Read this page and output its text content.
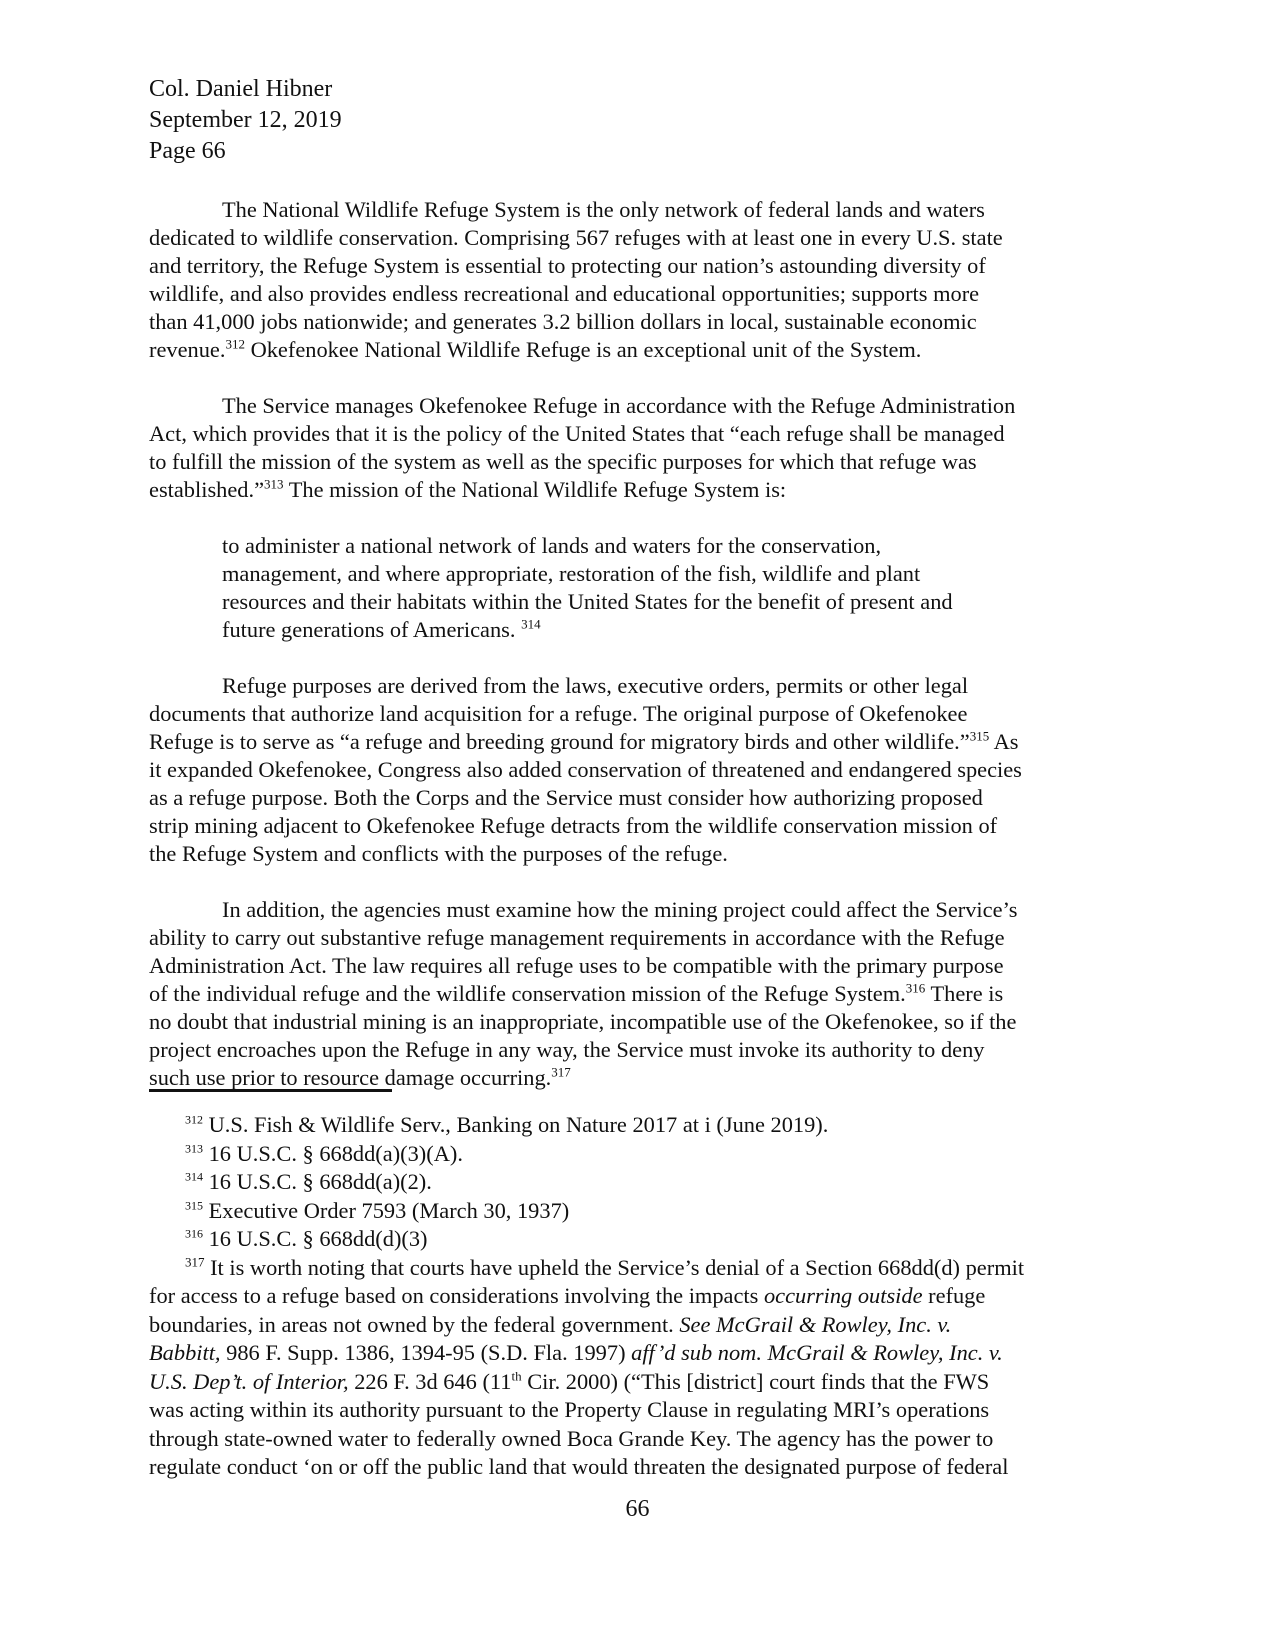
Col. Daniel Hibner
September 12, 2019
Page 66

The National Wildlife Refuge System is the only network of federal lands and waters
dedicated to wildlife conservation. Comprising 567 refuges with at least one in every U.S. state
and territory, the Refuge System is essential to protecting our nation’s astounding diversity of
wildlife, and also provides endless recreational and educational opportunities; supports more
than 41,000 jobs nationwide; and generates 3.2 billion dollars in local, sustainable economic
revenue.$^{312}$ Okefenokee National Wildlife Refuge is an exceptional unit of the System.

The Service manages Okefenokee Refuge in accordance with the Refuge Administration
Act, which provides that it is the policy of the United States that “each refuge shall be managed
to fulfill the mission of the system as well as the specific purposes for which that refuge was
established.”$^{313}$ The mission of the National Wildlife Refuge System is:

to administer a national network of lands and waters for the conservation,
management, and where appropriate, restoration of the fish, wildlife and plant
resources and their habitats within the United States for the benefit of present and
future generations of Americans. $^{314}$

Refuge purposes are derived from the laws, executive orders, permits or other legal
documents that authorize land acquisition for a refuge. The original purpose of Okefenokee
Refuge is to serve as “a refuge and breeding ground for migratory birds and other wildlife.”$^{315}$ As
it expanded Okefenokee, Congress also added conservation of threatened and endangered species
as a refuge purpose. Both the Corps and the Service must consider how authorizing proposed
strip mining adjacent to Okefenokee Refuge detracts from the wildlife conservation mission of
the Refuge System and conflicts with the purposes of the refuge.

In addition, the agencies must examine how the mining project could affect the Service’s
ability to carry out substantive refuge management requirements in accordance with the Refuge
Administration Act. The law requires all refuge uses to be compatible with the primary purpose
of the individual refuge and the wildlife conservation mission of the Refuge System.$^{316}$ There is
no doubt that industrial mining is an inappropriate, incompatible use of the Okefenokee, so if the
project encroaches upon the Refuge in any way, the Service must invoke its authority to deny
such use prior to resource damage occurring.$^{317}$

$^{312}$ U.S. Fish & Wildlife Serv., Banking on Nature 2017 at i (June 2019).
$^{313}$ 16 U.S.C. § 668dd(a)(3)(A).
$^{314}$ 16 U.S.C. § 668dd(a)(2).
$^{315}$ Executive Order 7593 (March 30, 1937)
$^{316}$ 16 U.S.C. § 668dd(d)(3)
$^{317}$ It is worth noting that courts have upheld the Service’s denial of a Section 668dd(d) permit
for access to a refuge based on considerations involving the impacts occurring outside refuge
boundaries, in areas not owned by the federal government. See McGrail & Rowley, Inc. v.
Babbitt, 986 F. Supp. 1386, 1394-95 (S.D. Fla. 1997) aff’d sub nom. McGrail & Rowley, Inc. v.
U.S. Dep’t. of Interior, 226 F. 3d 646 (11th Cir. 2000) (“This [district] court finds that the FWS
was acting within its authority pursuant to the Property Clause in regulating MRI’s operations
through state-owned water to federally owned Boca Grande Key. The agency has the power to
regulate conduct ‘on or off the public land that would threaten the designated purpose of federal
66
